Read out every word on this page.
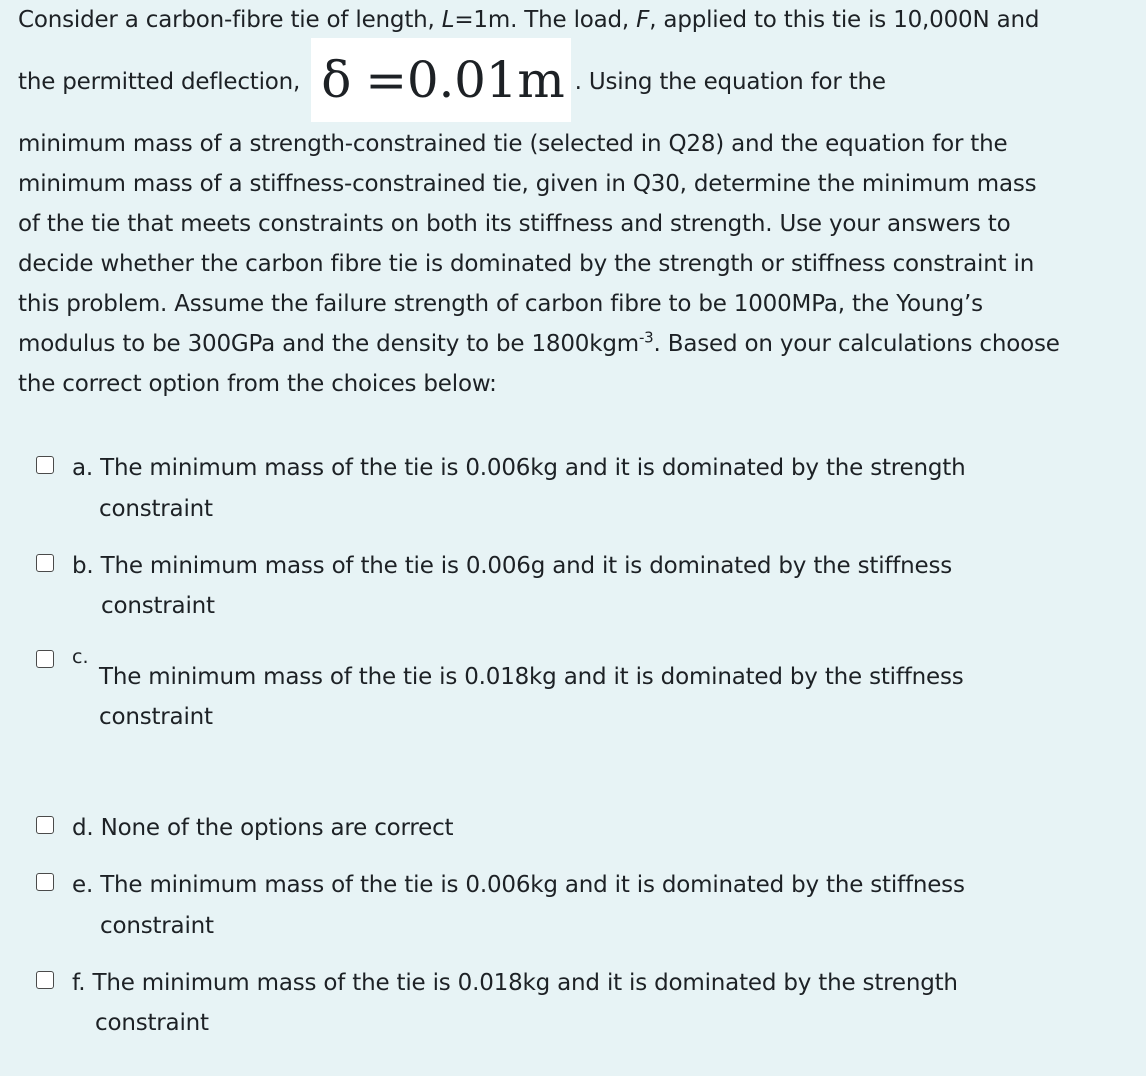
Consider a carbon-fibre tie of length, L=1m. The load, F, applied to this tie is 10,000N and
the permitted deflection, δ =0.01m . Using the equation for the
minimum mass of a strength-constrained tie (selected in Q28) and the equation for the
minimum mass of a stiffness-constrained tie, given in Q30, determine the minimum mass
of the tie that meets constraints on both its stiffness and strength. Use your answers to
decide whether the carbon fibre tie is dominated by the strength or stiffness constraint in
this problem. Assume the failure strength of carbon fibre to be 1000MPa, the Young’s
modulus to be 300GPa and the density to be 1800kgm$^{-3}$. Based on your calculations choose
the correct option from the choices below:
a. The minimum mass of the tie is 0.006kg and it is dominated by the strength
constraint
b. The minimum mass of the tie is 0.006g and it is dominated by the stiffness
constraint
c.
The minimum mass of the tie is 0.018kg and it is dominated by the stiffness
constraint
d. None of the options are correct
e. The minimum mass of the tie is 0.006kg and it is dominated by the stiffness
constraint
f. The minimum mass of the tie is 0.018kg and it is dominated by the strength
constraint
